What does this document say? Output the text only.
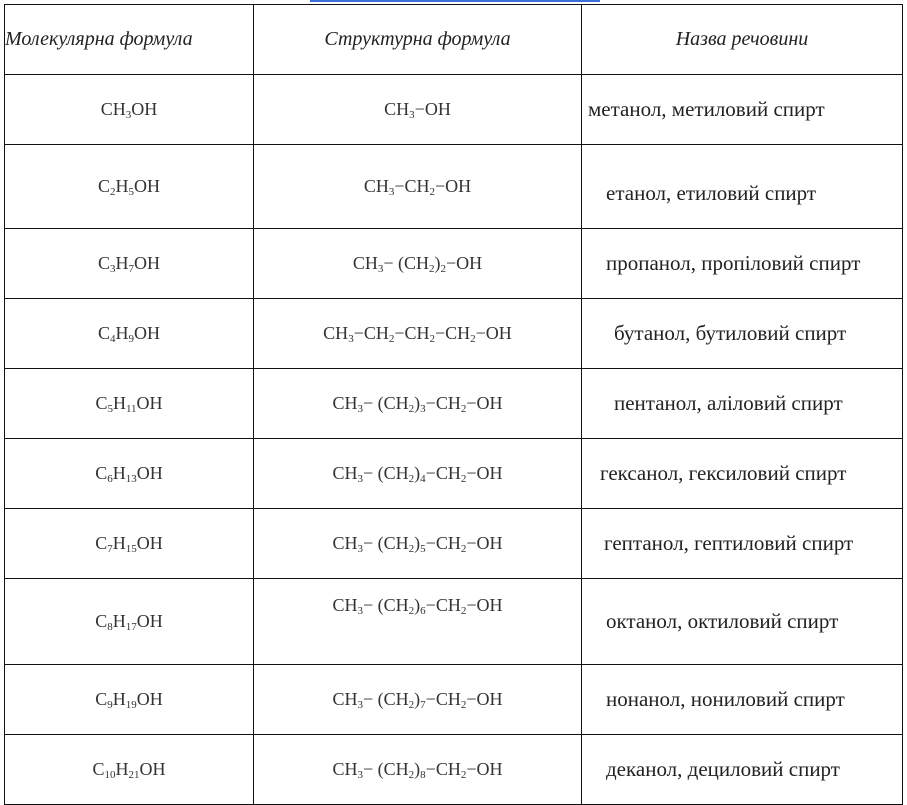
Молекулярна формула	Структурна формула	Назва речовини
$CH_3OH$	$CH_3-OH$	метанол, метиловий спирт
$C_2H_5OH$	$CH_3-CH_2-OH$	етанол, етиловий спирт
$C_3H_7OH$	$CH_3- (CH_2)_2-OH$	пропанол, пропіловий спирт
$C_4H_9OH$	$CH_3-CH_2-CH_2-CH_2-OH$	бутанол, бутиловий спирт
$C_5H_{11}OH$	$CH_3- (CH_2)_3-CH_2-OH$	пентанол, аліловий спирт
$C_6H_{13}OH$	$CH_3- (CH_2)_4-CH_2-OH$	гексанол, гексиловий спирт
$C_7H_{15}OH$	$CH_3- (CH_2)_5-CH_2-OH$	гептанол, гептиловий спирт
$C_8H_{17}OH$	$CH_3- (CH_2)_6-CH_2-OH$	октанол, октиловий спирт
$C_9H_{19}OH$	$CH_3- (CH_2)_7-CH_2-OH$	нонанол, нониловий спирт
$C_{10}H_{21}OH$	$CH_3- (CH_2)_8-CH_2-OH$	деканол, дециловий спирт
